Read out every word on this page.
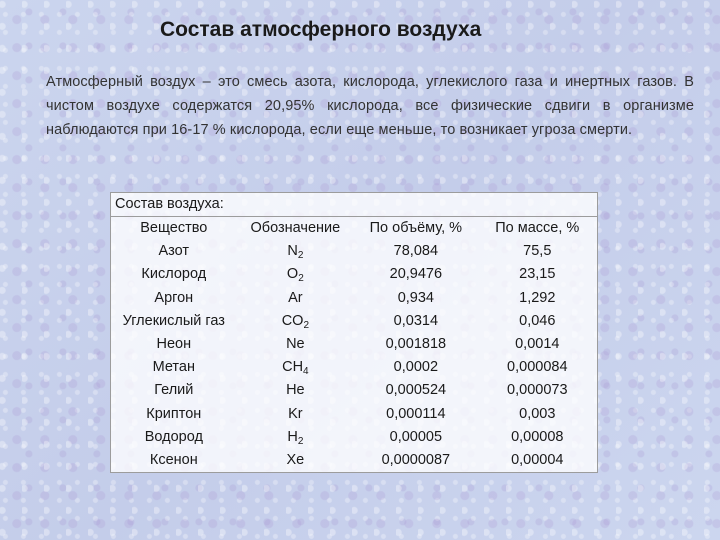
Состав атмосферного воздуха
Атмосферный воздух – это смесь азота, кислорода, углекислого газа и инертных газов. В чистом воздухе содержатся 20,95% кислорода, все физические сдвиги в организме наблюдаются при 16-17 % кислорода, если еще меньше, то возникает угроза смерти.
Состав воздуха:			
Вещество	Обозначение	По объёму, %	По массе, %
Азот	$N_2$	78,084	75,5
Кислород	$O_2$	20,9476	23,15
Аргон	Ar	0,934	1,292
Углекислый газ	$CO_2$	0,0314	0,046
Неон	Ne	0,001818	0,0014
Метан	$CH_4$	0,0002	0,000084
Гелий	He	0,000524	0,000073
Криптон	Kr	0,000114	0,003
Водород	$H_2$	0,00005	0,00008
Ксенон	Xe	0,0000087	0,00004
